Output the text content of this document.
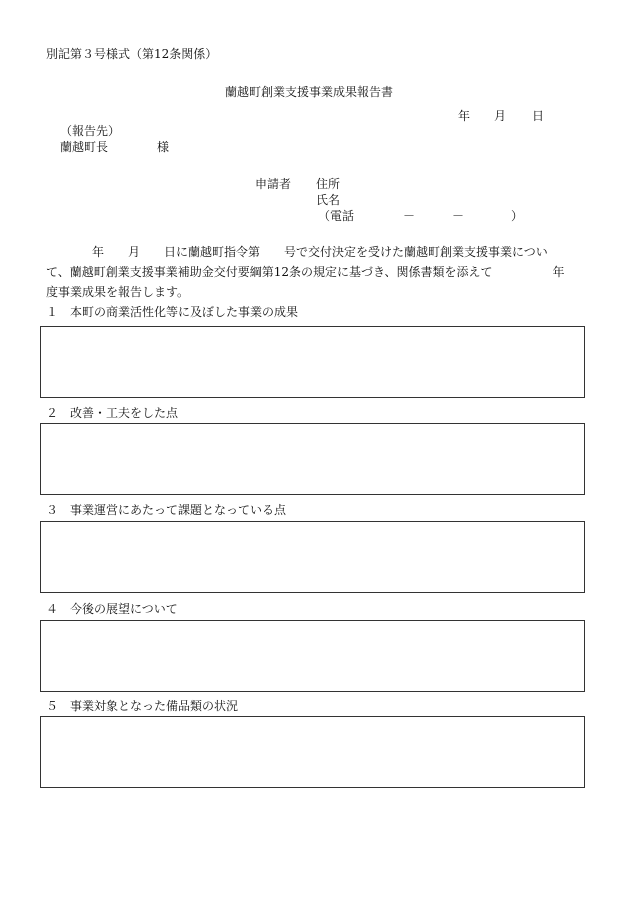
別記第３号様式（第12条関係）
蘭越町創業支援事業成果報告書
年 月 日
（報告先）
蘭越町長	様
申請者 住所
氏名
（電話	－	－	）
年　　月　　日に蘭越町指令第　　号で交付決定を受けた蘭越町創業支援事業につい
て、蘭越町創業支援事業補助金交付要綱第12条の規定に基づき、関係書類を添えて　　　　　年
度事業成果を報告します。
１　本町の商業活性化等に及ぼした事業の成果
２　改善・工夫をした点
３　事業運営にあたって課題となっている点
４　今後の展望について
５　事業対象となった備品類の状況
